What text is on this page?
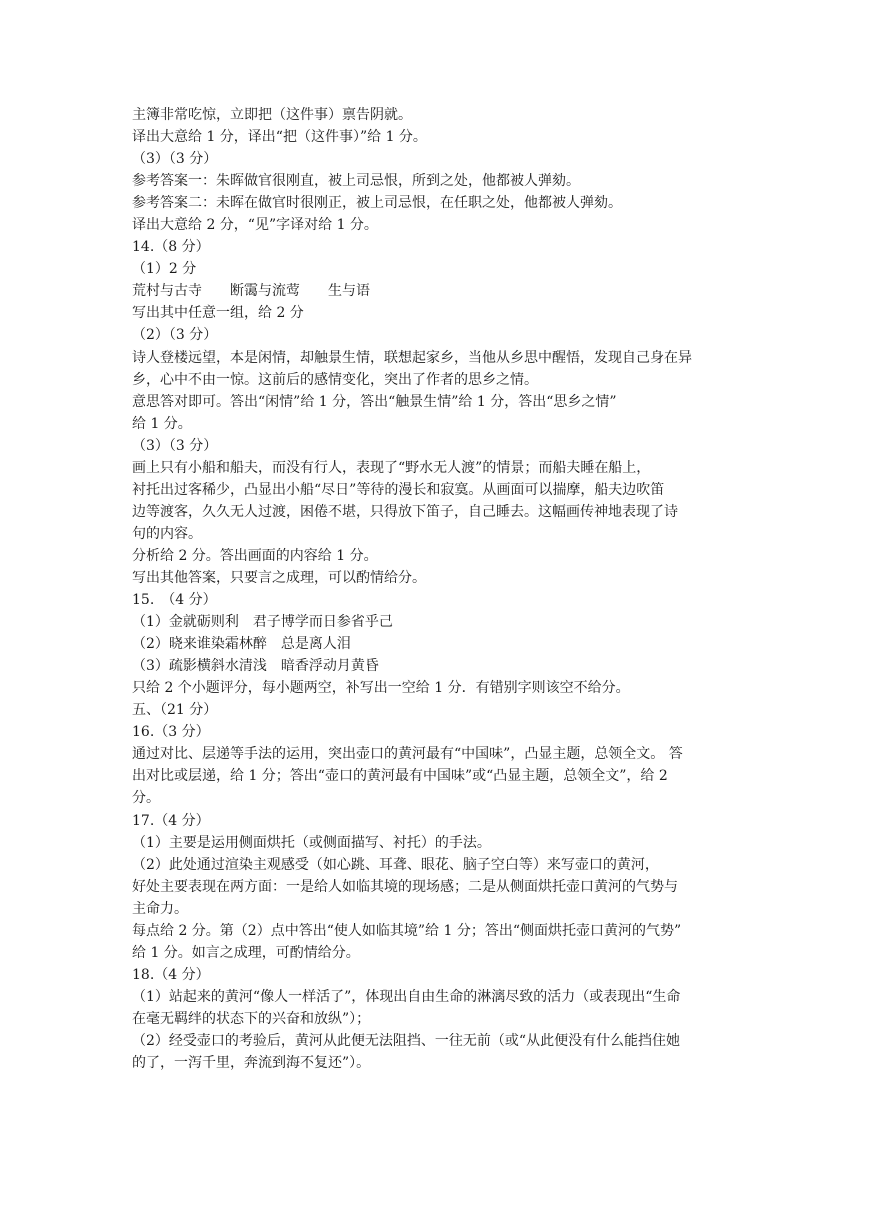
主簿非常吃惊，立即把（这件事）禀告阴就。
译出大意给 1 分，译出“把（这件事）”给 1 分。
（3）（3 分）
参考答案一：朱晖做官很刚直，被上司忌恨，所到之处，他都被人弹劾。
参考答案二：未晖在做官时很刚正，被上司忌恨，在任职之处，他都被人弹劾。
译出大意给 2 分，“见”字译对给 1 分。
14.（8 分）
（1）2 分
荒村与古寺　　断霭与流莺　　生与语
写出其中任意一组，给 2 分
（2）（3 分）
诗人登楼远望，本是闲情，却触景生情，联想起家乡，当他从乡思中醒悟，发现自己身在异
乡，心中不由一惊。这前后的感情变化，突出了作者的思乡之情。
意思答对即可。答出“闲情”给 1 分，答出“触景生情”给 1 分，答出“思乡之情”
给 1 分。
（3）（3 分）
画上只有小船和船夫，而没有行人，表现了“野水无人渡”的情景；而船夫睡在船上，
衬托出过客稀少，凸显出小船“尽日”等待的漫长和寂寞。从画面可以揣摩，船夫边吹笛
边等渡客，久久无人过渡，困倦不堪，只得放下笛子，自己睡去。这幅画传神地表现了诗
句的内容。
分析给 2 分。答出画面的内容给 1 分。
写出其他答案，只要言之成理，可以酌情给分。
15.　（4 分）
（1）金就砺则利　君子博学而日参省乎己
（2）晓来谁染霜林醉　总是离人泪
（3）疏影横斜水清浅　暗香浮动月黄昏
只给 2 个小题评分，每小题两空，补写出一空给 1 分．有错别字则该空不给分。
五、（21 分）
16.（3 分）
通过对比、层递等手法的运用，突出壶口的黄河最有“中国味”，凸显主题，总领全文。 答
出对比或层递，给 1 分；答出“壶口的黄河最有中国味”或“凸显主题，总领全文”，给 2
分。
17.（4 分）
（1）主要是运用侧面烘托（或侧面描写、衬托）的手法。
（2）此处通过渲染主观感受（如心跳、耳聋、眼花、脑子空白等）来写壶口的黄河，
好处主要表现在两方面：一是给人如临其境的现场感；二是从侧面烘托壶口黄河的气势与
主命力。
每点给 2 分。第（2）点中答出“使人如临其境”给 1 分；答出“侧面烘托壶口黄河的气势”
给 1 分。如言之成理，可酌情给分。
18.（4 分）
（1）站起来的黄河“像人一样活了”，体现出自由生命的淋漓尽致的活力（或表现出“生命
在毫无羁绊的状态下的兴奋和放纵”）；
（2）经受壶口的考验后，黄河从此便无法阻挡、一往无前（或“从此便没有什么能挡住她
的了，一泻千里，奔流到海不复还”）。
